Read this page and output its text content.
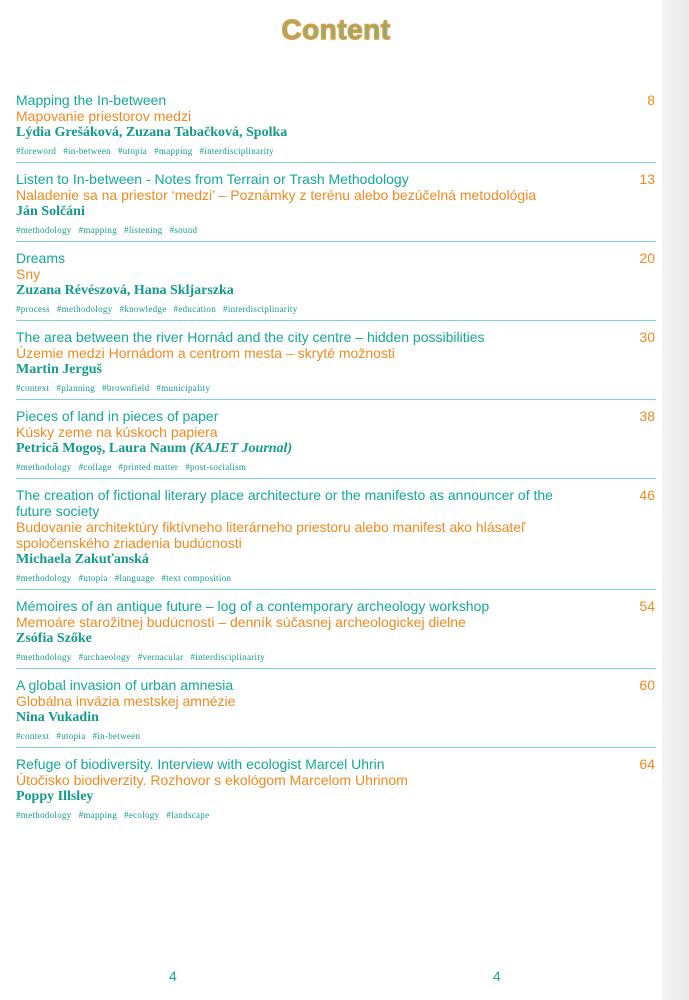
Content

Mapping the In-between

Mapovanie priestorov medzi

Lýdia Grešáková, Zuzana Tabačková, Spolka

#foreword #in-between #utopia #mapping #interdisciplinarity
8

Listen to In-between - Notes from Terrain or Trash Methodology

Naladenie sa na priestor ‘medzi’ – Poznámky z terénu alebo bezúčelná metodológia

Ján Solčáni

#methodology #mapping #listening #sound
13

Dreams

Sny

Zuzana Révészová, Hana Skljarszka

#process #methodology #knowledge #education #interdisciplinarity
20

The area between the river Hornád and the city centre – hidden possibilities

Územie medzi Hornádom a centrom mesta – skryté možnosti

Martin Jerguš

#context #planning #brownfield #municipality
30

Pieces of land in pieces of paper

Kúsky zeme na kúskoch papiera

Petrică Mogoș, Laura Naum (KAJET Journal)

#methodology #collage #printed matter #post-socialism
38

The creation of fictional literary place architecture or the manifesto as announcer of the future society

Budovanie architektúry fiktívneho literárneho priestoru alebo manifest ako hlásateľ spoločenského zriadenia budúcnosti

Michaela Zakuťanská

#methodology #utopia #language #text composition
46

Mémoires of an antique future – log of a contemporary archeology workshop

Memoáre starožitnej budúcnosti – denník súčasnej archeologickej dielne

Zsófia Szőke

#methodology #archaeology #vernacular #interdisciplinarity
54

A global invasion of urban amnesia

Globálna invázia mestskej amnézie

Nina Vukadin

#context #utopia #in-between
60

Refuge of biodiversity. Interview with ecologist Marcel Uhrin

Útočisko biodiverzity. Rozhovor s ekológom Marcelom Uhrinom

Poppy Illsley

#methodology #mapping #ecology #landscape
64
4	4
